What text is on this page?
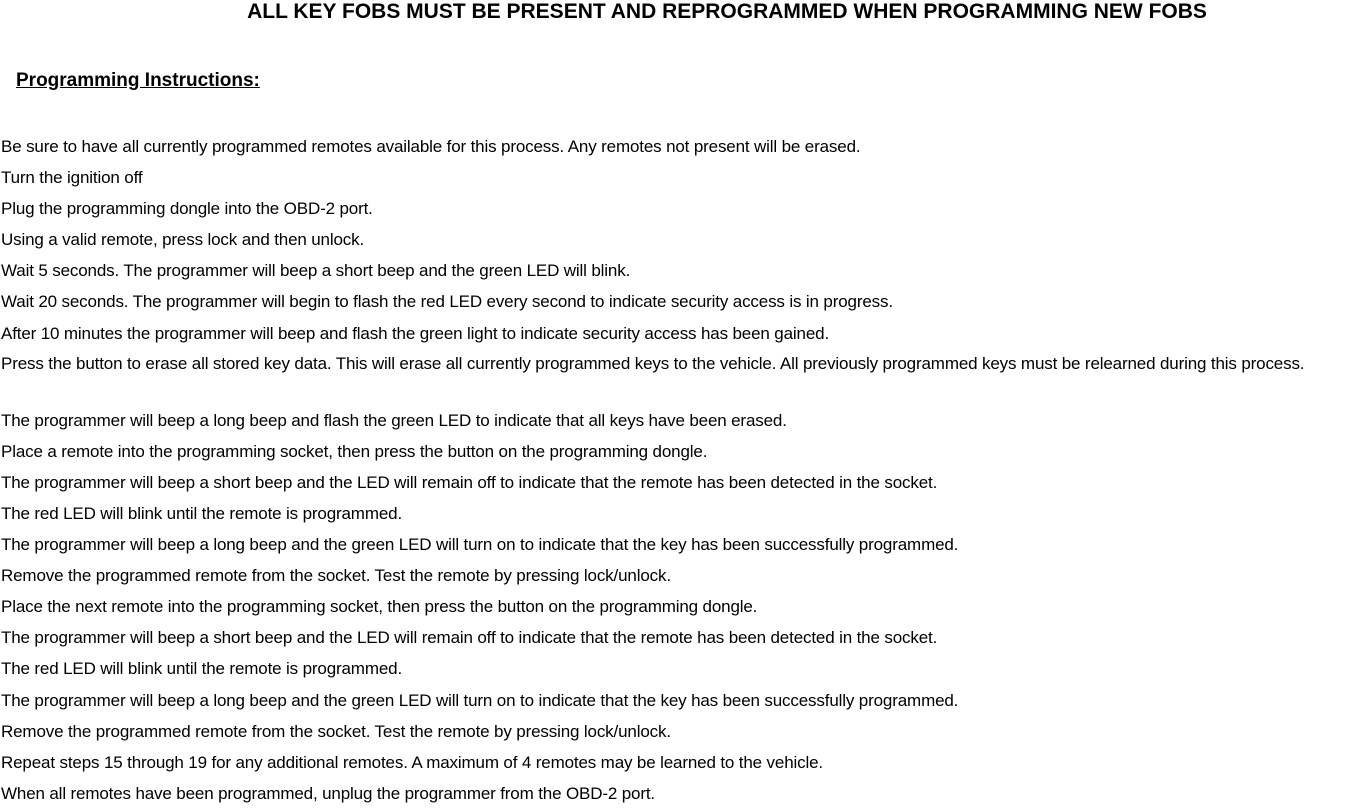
ALL KEY FOBS MUST BE PRESENT AND REPROGRAMMED WHEN PROGRAMMING NEW FOBS
Programming Instructions:
Be sure to have all currently programmed remotes available for this process. Any remotes not present will be erased.
Turn the ignition off
Plug the programming dongle into the OBD-2 port.
Using a valid remote, press lock and then unlock.
Wait 5 seconds. The programmer will beep a short beep and the green LED will blink.
Wait 20 seconds. The programmer will begin to flash the red LED every second to indicate security access is in progress.
After 10 minutes the programmer will beep and flash the green light to indicate security access has been gained.
Press the button to erase all stored key data. This will erase all currently programmed keys to the vehicle. All previously programmed keys must be relearned during this process.
The programmer will beep a long beep and flash the green LED to indicate that all keys have been erased.
Place a remote into the programming socket, then press the button on the programming dongle.
The programmer will beep a short beep and the LED will remain off to indicate that the remote has been detected in the socket.
The red LED will blink until the remote is programmed.
The programmer will beep a long beep and the green LED will turn on to indicate that the key has been successfully programmed.
Remove the programmed remote from the socket. Test the remote by pressing lock/unlock.
Place the next remote into the programming socket, then press the button on the programming dongle.
The programmer will beep a short beep and the LED will remain off to indicate that the remote has been detected in the socket.
The red LED will blink until the remote is programmed.
The programmer will beep a long beep and the green LED will turn on to indicate that the key has been successfully programmed.
Remove the programmed remote from the socket. Test the remote by pressing lock/unlock.
Repeat steps 15 through 19 for any additional remotes. A maximum of 4 remotes may be learned to the vehicle.
When all remotes have been programmed, unplug the programmer from the OBD-2 port.
